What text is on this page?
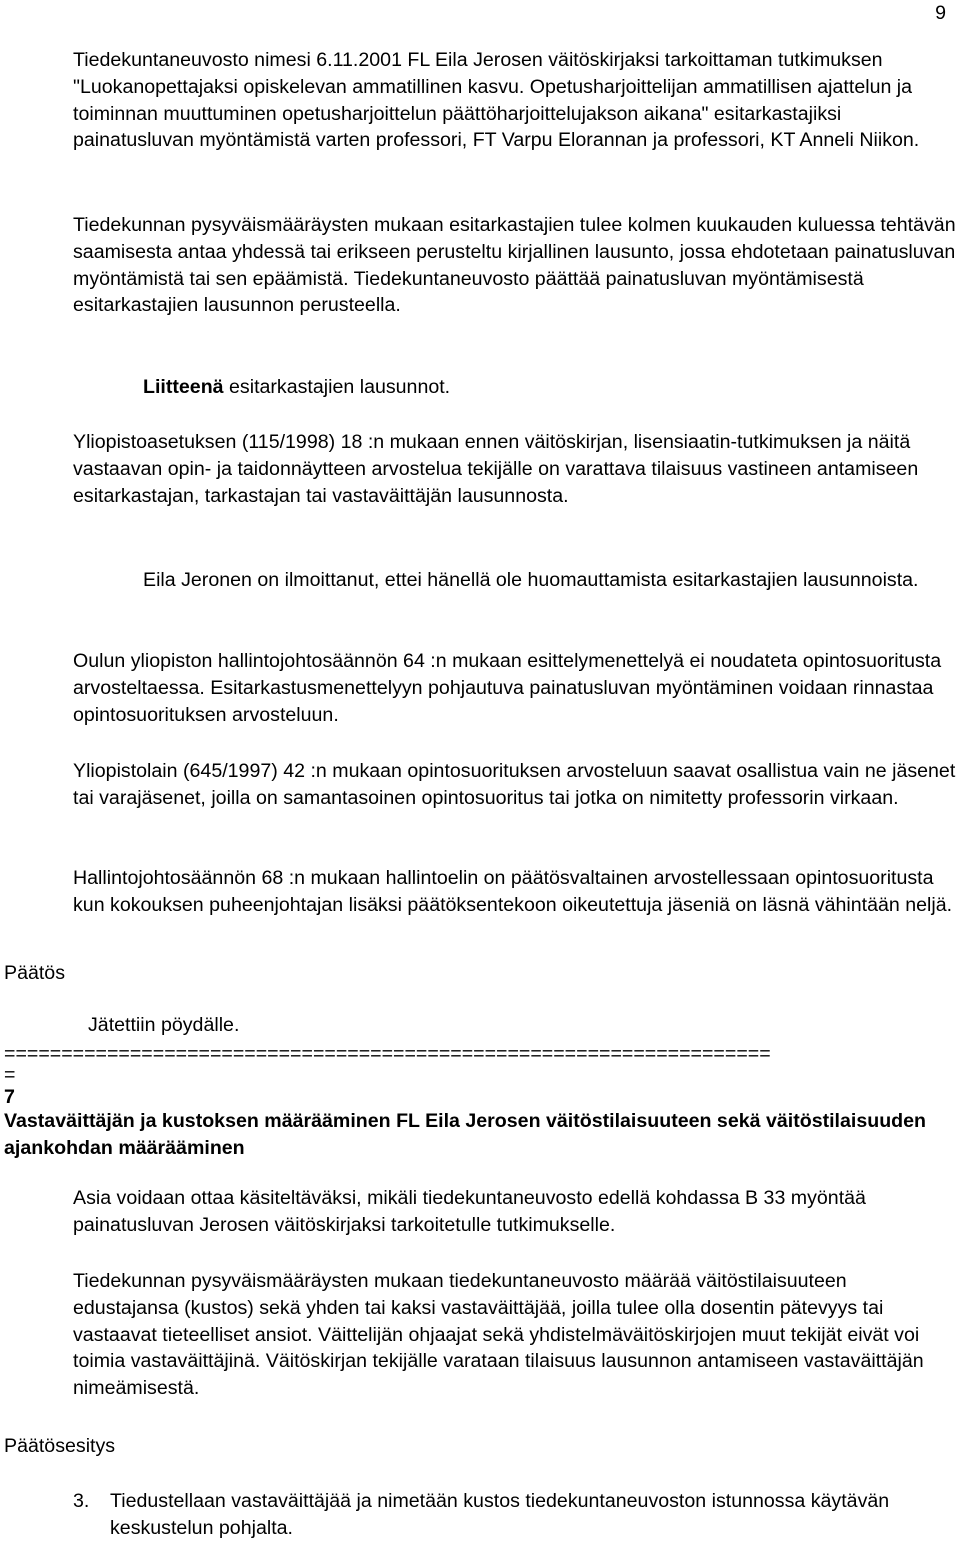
9

Tiedekuntaneuvosto nimesi 6.11.2001 FL Eila Jerosen väitöskirjaksi tarkoittaman tutkimuksen "Luokanopettajaksi opiskelevan ammatillinen kasvu. Opetusharjoittelijan ammatillisen ajattelun ja toiminnan muuttuminen opetusharjoittelun päättöharjoittelujakson aikana" esitarkastajiksi painatusluvan myöntämistä varten professori, FT Varpu Elorannan ja professori, KT Anneli Niikon.

Tiedekunnan pysyväismääräysten mukaan esitarkastajien tulee kolmen kuukauden kuluessa tehtävän saamisesta antaa yhdessä tai erikseen perusteltu kirjallinen lausunto, jossa ehdotetaan painatusluvan myöntämistä tai sen epäämistä. Tiedekuntaneuvosto päättää painatusluvan myöntämisestä esitarkastajien lausunnon perusteella.

Liitteenä esitarkastajien lausunnot.

Yliopistoasetuksen (115/1998) 18 :n mukaan ennen väitöskirjan, lisensiaatin-tutkimuksen ja näitä vastaavan opin- ja taidonnäytteen arvostelua tekijälle on varattava tilaisuus vastineen antamiseen esitarkastajan, tarkastajan tai vastaväittäjän lausunnosta.

Eila Jeronen on ilmoittanut, ettei hänellä ole huomauttamista esitarkastajien lausunnoista.

Oulun yliopiston hallintojohtosäännön 64 :n mukaan esittelymenettelyä ei noudateta opintosuoritusta arvosteltaessa. Esitarkastusmenettelyyn pohjautuva painatusluvan myöntäminen voidaan rinnastaa opintosuorituksen arvosteluun.

Yliopistolain (645/1997) 42 :n mukaan opintosuorituksen arvosteluun saavat osallistua vain ne jäsenet tai varajäsenet, joilla on samantasoinen opintosuoritus tai jotka on nimitetty professorin virkaan.

Hallintojohtosäännön 68 :n mukaan hallintoelin on päätösvaltainen arvostellessaan opintosuoritusta kun kokouksen puheenjohtajan lisäksi päätöksentekoon oikeutettuja jäseniä on läsnä vähintään neljä.

Päätös
Jätettiin pöydälle.
===================================================================
=
7
Vastaväittäjän ja kustoksen määrääminen FL Eila Jerosen väitöstilaisuuteen sekä väitöstilaisuuden ajankohdan määrääminen

Asia voidaan ottaa käsiteltäväksi, mikäli tiedekuntaneuvosto edellä kohdassa B 33 myöntää painatusluvan Jerosen väitöskirjaksi tarkoitetulle tutkimukselle.

Tiedekunnan pysyväismääräysten mukaan tiedekuntaneuvosto määrää väitöstilaisuuteen edustajansa (kustos) sekä yhden tai kaksi vastaväittäjää, joilla tulee olla dosentin pätevyys tai vastaavat tieteelliset ansiot. Väittelijän ohjaajat sekä yhdistelmäväitöskirjojen muut tekijät eivät voi toimia vastaväittäjinä. Väitöskirjan tekijälle varataan tilaisuus lausunnon antamiseen vastaväittäjän nimeämisestä.

Päätösesitys
3. Tiedustellaan vastaväittäjää ja nimetään kustos tiedekuntaneuvoston istunnossa käytävän keskustelun pohjalta.
